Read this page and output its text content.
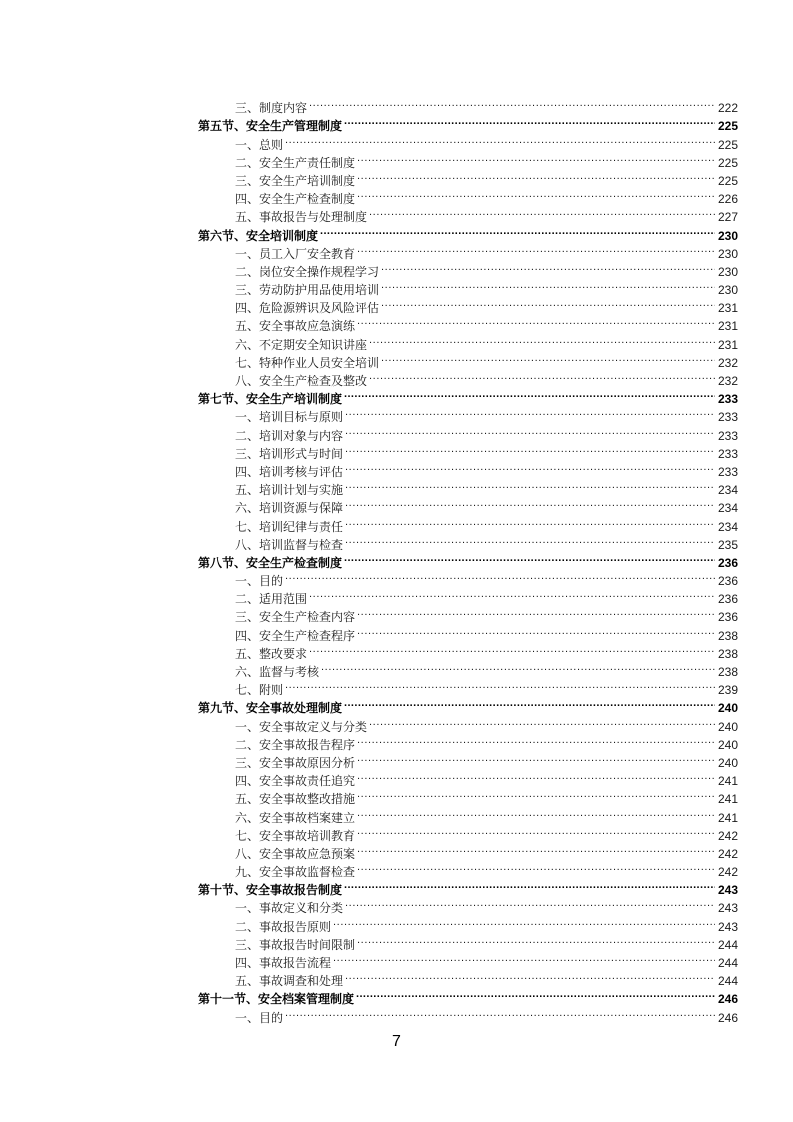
三、制度内容 .....	222
第五节、安全生产管理制度 .....	225
一、总则 .....	225
二、安全生产责任制度 .....	225
三、安全生产培训制度 .....	225
四、安全生产检查制度 .....	226
五、事故报告与处理制度 .....	227
第六节、安全培训制度 .....	230
一、员工入厂安全教育 .....	230
二、岗位安全操作规程学习 .....	230
三、劳动防护用品使用培训 .....	230
四、危险源辨识及风险评估 .....	231
五、安全事故应急演练 .....	231
六、不定期安全知识讲座 .....	231
七、特种作业人员安全培训 .....	232
八、安全生产检查及整改 .....	232
第七节、安全生产培训制度 .....	233
一、培训目标与原则 .....	233
二、培训对象与内容 .....	233
三、培训形式与时间 .....	233
四、培训考核与评估 .....	233
五、培训计划与实施 .....	234
六、培训资源与保障 .....	234
七、培训纪律与责任 .....	234
八、培训监督与检查 .....	235
第八节、安全生产检查制度 .....	236
一、目的 .....	236
二、适用范围 .....	236
三、安全生产检查内容 .....	236
四、安全生产检查程序 .....	238
五、整改要求 .....	238
六、监督与考核 .....	238
七、附则 .....	239
第九节、安全事故处理制度 .....	240
一、安全事故定义与分类 .....	240
二、安全事故报告程序 .....	240
三、安全事故原因分析 .....	240
四、安全事故责任追究 .....	241
五、安全事故整改措施 .....	241
六、安全事故档案建立 .....	241
七、安全事故培训教育 .....	242
八、安全事故应急预案 .....	242
九、安全事故监督检查 .....	242
第十节、安全事故报告制度 .....	243
一、事故定义和分类 .....	243
二、事故报告原则 .....	243
三、事故报告时间限制 .....	244
四、事故报告流程 .....	244
五、事故调查和处理 .....	244
第十一节、安全档案管理制度 .....	246
一、目的 .....	246
7
